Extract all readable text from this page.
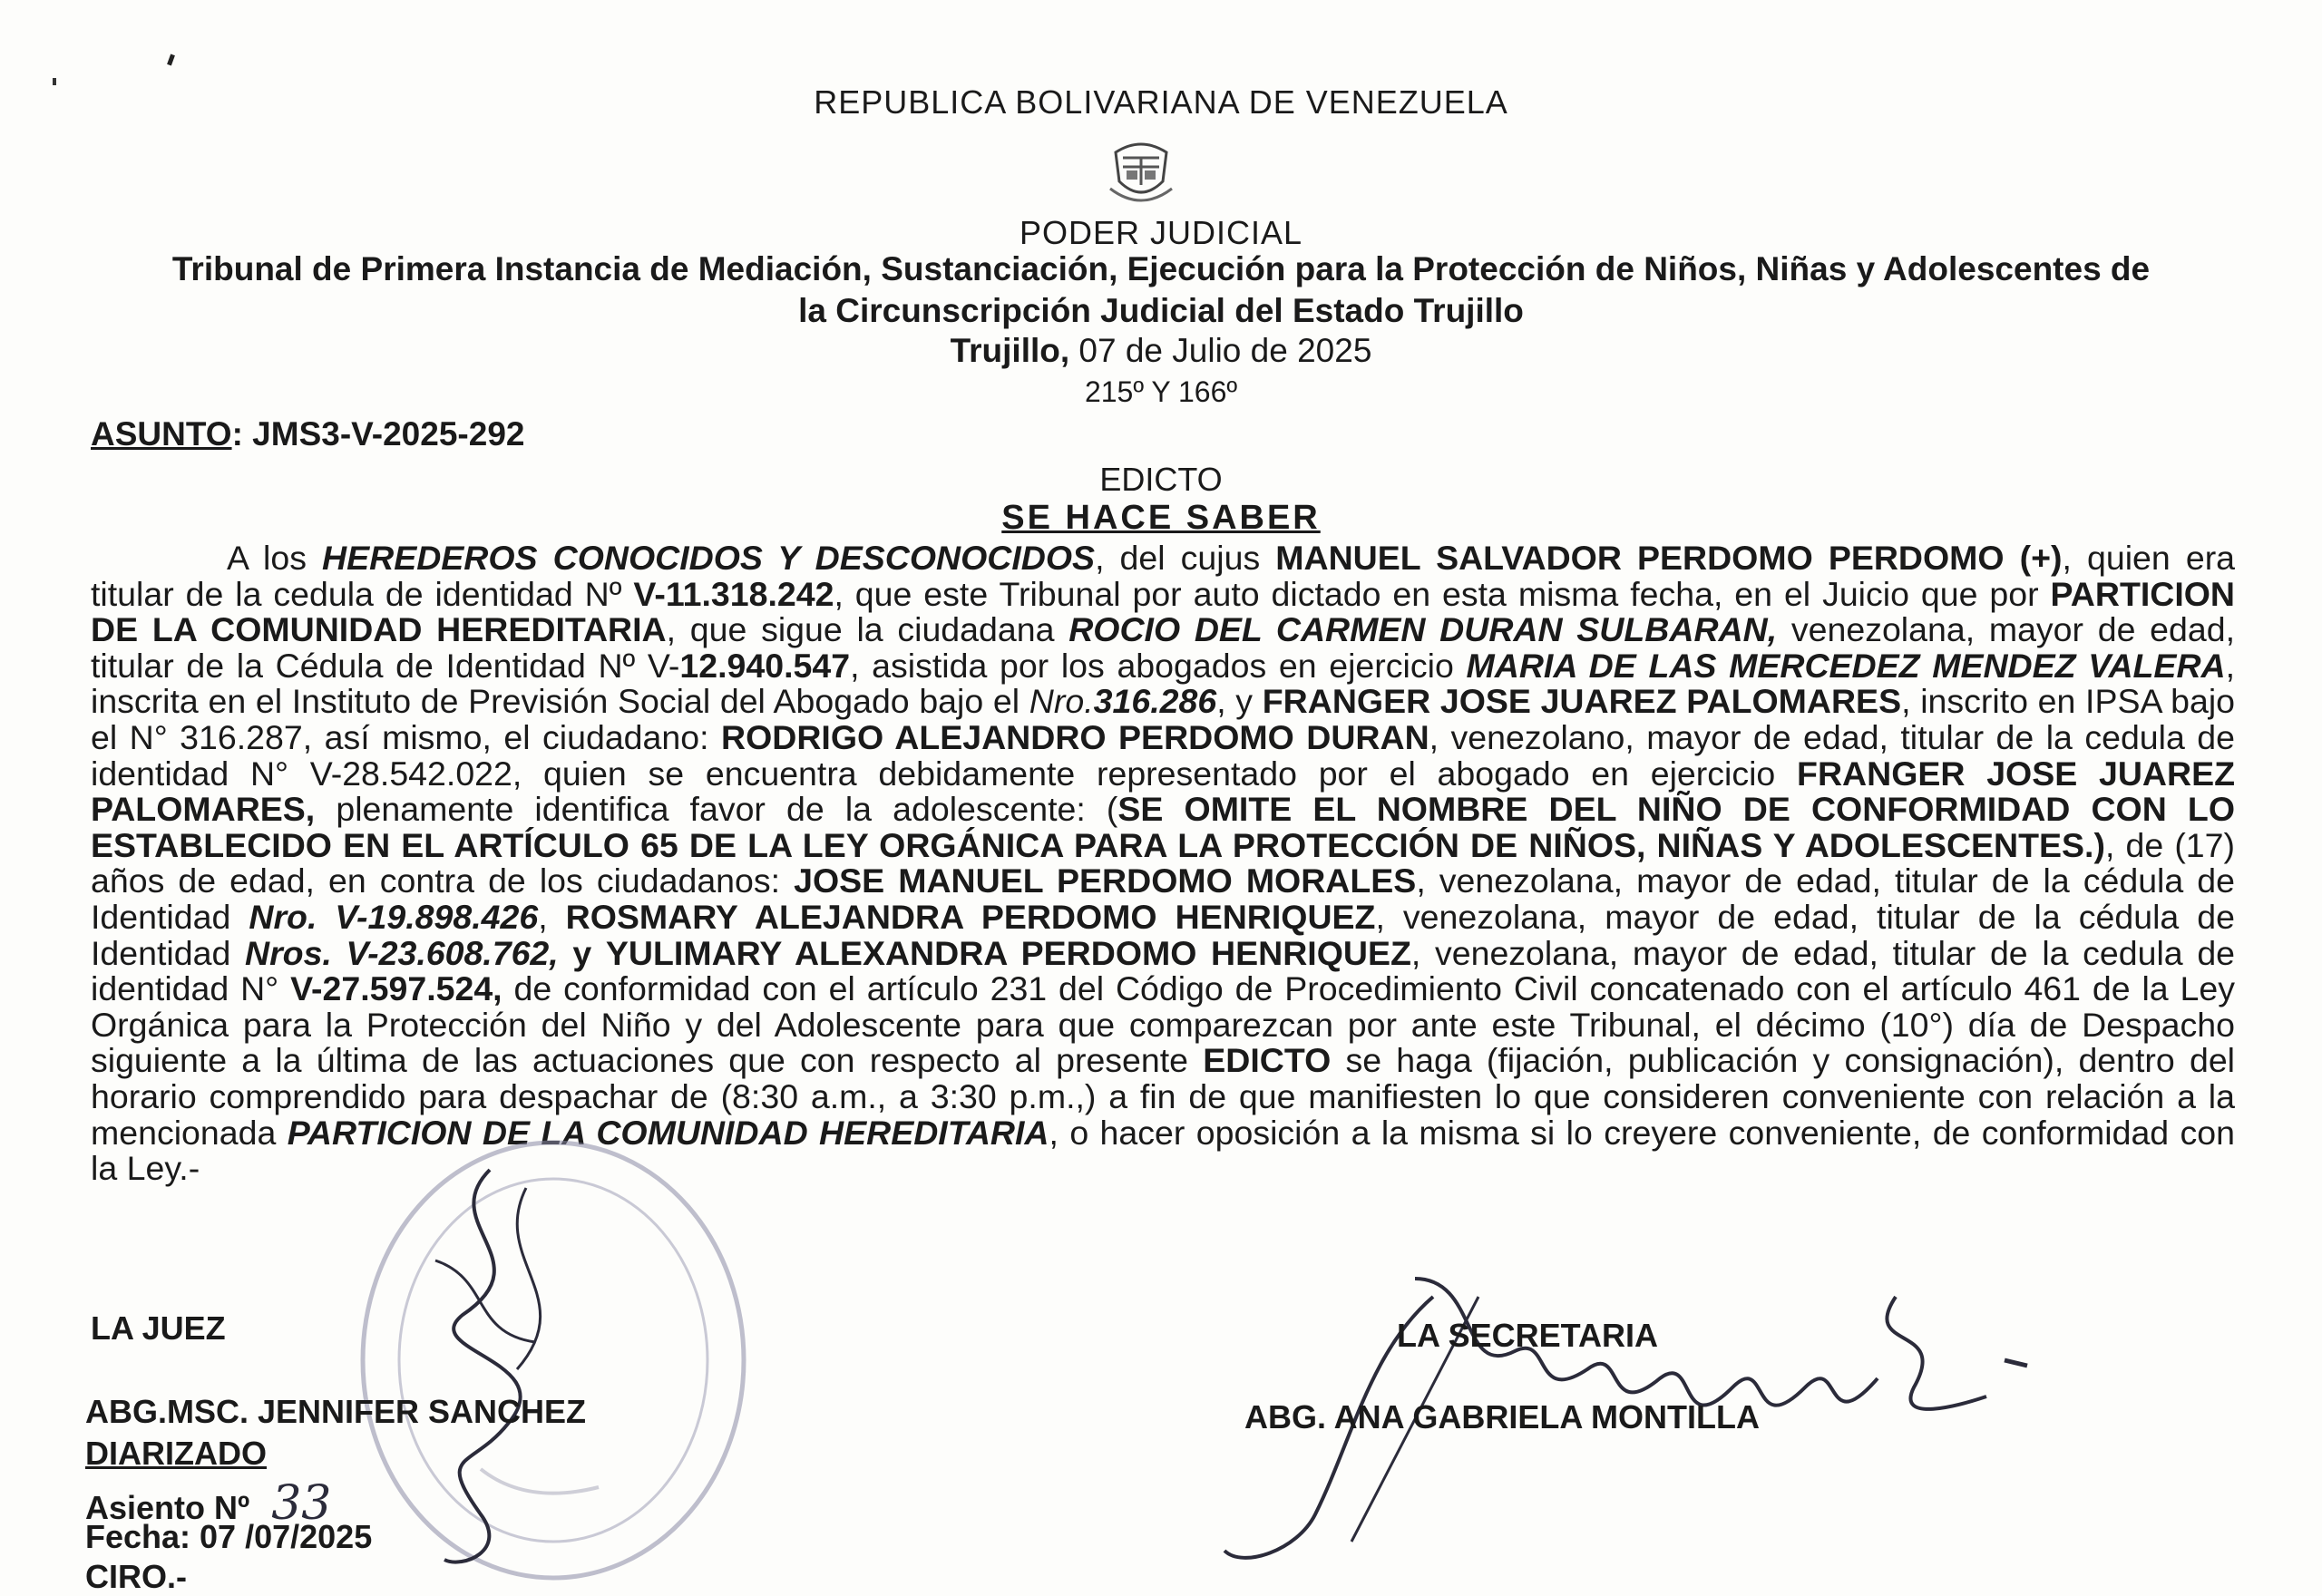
REPUBLICA BOLIVARIANA DE VENEZUELA
PODER JUDICIAL
Tribunal de Primera Instancia de Mediación, Sustanciación, Ejecución para la Protección de Niños, Niñas y Adolescentes de
la Circunscripción Judicial del Estado Trujillo
Trujillo, 07 de Julio de 2025
215º Y 166º
ASUNTO: JMS3-V-2025-292
EDICTO
SE HACE SABER
A los HEREDEROS CONOCIDOS Y DESCONOCIDOS, del cujus MANUEL SALVADOR PERDOMO PERDOMO (+), quien era titular de la cedula de identidad Nº V-11.318.242, que este Tribunal por auto dictado en esta misma fecha, en el Juicio que por PARTICION DE LA COMUNIDAD HEREDITARIA, que sigue la ciudadana ROCIO DEL CARMEN DURAN SULBARAN, venezolana, mayor de edad, titular de la Cédula de Identidad Nº V-12.940.547, asistida por los abogados en ejercicio MARIA DE LAS MERCEDEZ MENDEZ VALERA, inscrita en el Instituto de Previsión Social del Abogado bajo el Nro.316.286, y FRANGER JOSE JUAREZ PALOMARES, inscrito en IPSA bajo el N° 316.287, así mismo, el ciudadano: RODRIGO ALEJANDRO PERDOMO DURAN, venezolano, mayor de edad, titular de la cedula de identidad N° V-28.542.022, quien se encuentra debidamente representado por el abogado en ejercicio FRANGER JOSE JUAREZ PALOMARES, plenamente identifica favor de la adolescente: (SE OMITE EL NOMBRE DEL NIÑO DE CONFORMIDAD CON LO ESTABLECIDO EN EL ARTÍCULO 65 DE LA LEY ORGÁNICA PARA LA PROTECCIÓN DE NIÑOS, NIÑAS Y ADOLESCENTES.), de (17) años de edad, en contra de los ciudadanos: JOSE MANUEL PERDOMO MORALES, venezolana, mayor de edad, titular de la cédula de Identidad Nro. V-19.898.426, ROSMARY ALEJANDRA PERDOMO HENRIQUEZ, venezolana, mayor de edad, titular de la cédula de Identidad Nros. V-23.608.762, y YULIMARY ALEXANDRA PERDOMO HENRIQUEZ, venezolana, mayor de edad, titular de la cedula de identidad N° V-27.597.524, de conformidad con el artículo 231 del Código de Procedimiento Civil concatenado con el artículo 461 de la Ley Orgánica para la Protección del Niño y del Adolescente para que comparezcan por ante este Tribunal, el décimo (10°) día de Despacho siguiente a la última de las actuaciones que con respecto al presente EDICTO se haga (fijación, publicación y consignación), dentro del horario comprendido para despachar de (8:30 a.m., a 3:30 p.m.,) a fin de que manifiesten lo que consideren conveniente con relación a la mencionada PARTICION DE LA COMUNIDAD HEREDITARIA, o hacer oposición a la misma si lo creyere conveniente, de conformidad con la Ley.-
LA JUEZ
ABG.MSC. JENNIFER SANCHEZ
LA SECRETARIA
ABG. ANA GABRIELA MONTILLA
DIARIZADO
Asiento Nº 33
Fecha: 07 /07/2025
CIRO.-
